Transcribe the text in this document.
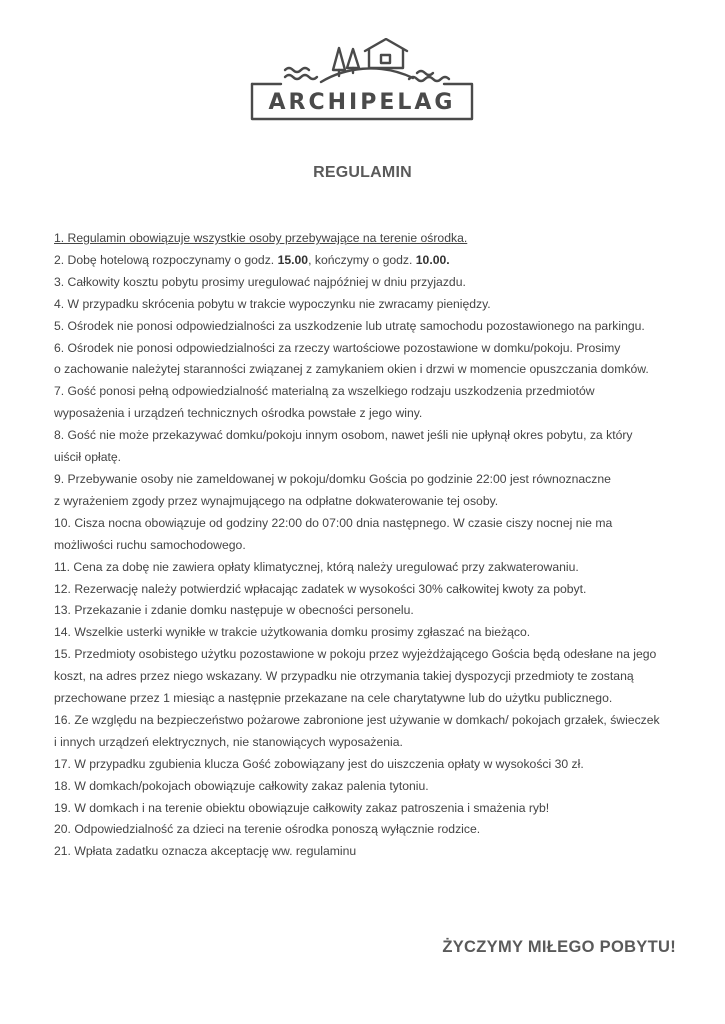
ARCHIPELAG
REGULAMIN
1. Regulamin obowiązuje wszystkie osoby przebywające na terenie ośrodka.
2. Dobę hotelową rozpoczynamy o godz. 15.00, kończymy o godz. 10.00.
3. Całkowity kosztu pobytu prosimy uregulować najpóźniej w dniu przyjazdu.
4. W przypadku skrócenia pobytu w trakcie wypoczynku nie zwracamy pieniędzy.
5. Ośrodek nie ponosi odpowiedzialności za uszkodzenie lub utratę samochodu pozostawionego na parkingu.
6. Ośrodek nie ponosi odpowiedzialności za rzeczy wartościowe pozostawione w domku/pokoju. Prosimy
o zachowanie należytej staranności związanej z zamykaniem okien i drzwi w momencie opuszczania domków.
7. Gość ponosi pełną odpowiedzialność materialną za wszelkiego rodzaju uszkodzenia przedmiotów
wyposażenia i urządzeń technicznych ośrodka powstałe z jego winy.
8. Gość nie może przekazywać domku/pokoju innym osobom, nawet jeśli nie upłynął okres pobytu, za który
uiścił opłatę.
9. Przebywanie osoby nie zameldowanej w pokoju/domku Gościa po godzinie 22:00 jest równoznaczne
z wyrażeniem zgody przez wynajmującego na odpłatne dokwaterowanie tej osoby.
10. Cisza nocna obowiązuje od godziny 22:00 do 07:00 dnia następnego. W czasie ciszy nocnej nie ma
możliwości ruchu samochodowego.
11. Cena za dobę nie zawiera opłaty klimatycznej, którą należy uregulować przy zakwaterowaniu.
12. Rezerwację należy potwierdzić wpłacając zadatek w wysokości 30% całkowitej kwoty za pobyt.
13. Przekazanie i zdanie domku następuje w obecności personelu.
14. Wszelkie usterki wynikłe w trakcie użytkowania domku prosimy zgłaszać na bieżąco.
15. Przedmioty osobistego użytku pozostawione w pokoju przez wyjeżdżającego Gościa będą odesłane na jego
koszt, na adres przez niego wskazany. W przypadku nie otrzymania takiej dyspozycji przedmioty te zostaną
przechowane przez 1 miesiąc a następnie przekazane na cele charytatywne lub do użytku publicznego.
16. Ze względu na bezpieczeństwo pożarowe zabronione jest używanie w domkach/ pokojach grzałek, świeczek
i innych urządzeń elektrycznych, nie stanowiących wyposażenia.
17. W przypadku zgubienia klucza Gość zobowiązany jest do uiszczenia opłaty w wysokości 30 zł.
18. W domkach/pokojach obowiązuje całkowity zakaz palenia tytoniu.
19. W domkach i na terenie obiektu obowiązuje całkowity zakaz patroszenia i smażenia ryb!
20. Odpowiedzialność za dzieci na terenie ośrodka ponoszą wyłącznie rodzice.
21. Wpłata zadatku oznacza akceptację ww. regulaminu
ŻYCZYMY MIŁEGO POBYTU!
